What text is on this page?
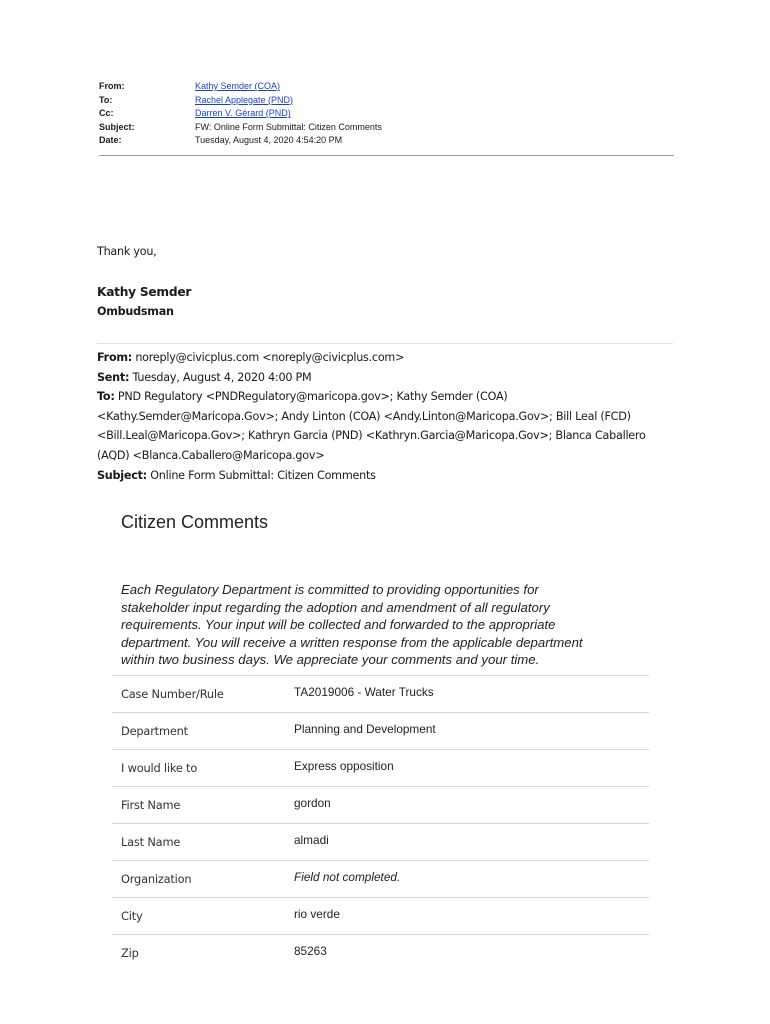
From:	Kathy Semder (COA)
To:	Rachel Applegate (PND)
Cc:	Darren V. Gérard (PND)
Subject:	FW: Online Form Submittal: Citizen Comments
Date:	Tuesday, August 4, 2020 4:54:20 PM
Thank you,
Kathy Semder
Ombudsman
From: noreply@civicplus.com <noreply@civicplus.com>
Sent: Tuesday, August 4, 2020 4:00 PM
To: PND Regulatory <PNDRegulatory@maricopa.gov>; Kathy Semder (COA)
<Kathy.Semder@Maricopa.Gov>; Andy Linton (COA) <Andy.Linton@Maricopa.Gov>; Bill Leal (FCD)
<Bill.Leal@Maricopa.Gov>; Kathryn Garcia (PND) <Kathryn.Garcia@Maricopa.Gov>; Blanca Caballero
(AQD) <Blanca.Caballero@Maricopa.gov>
Subject: Online Form Submittal: Citizen Comments
Citizen Comments
Each Regulatory Department is committed to providing opportunities for
stakeholder input regarding the adoption and amendment of all regulatory
requirements. Your input will be collected and forwarded to the appropriate
department. You will receive a written response from the applicable department
within two business days. We appreciate your comments and your time.
Case Number/Rule	TA2019006 - Water Trucks
Department	Planning and Development
I would like to	Express opposition
First Name	gordon
Last Name	almadi
Organization	Field not completed.
City	rio verde
Zip	85263
